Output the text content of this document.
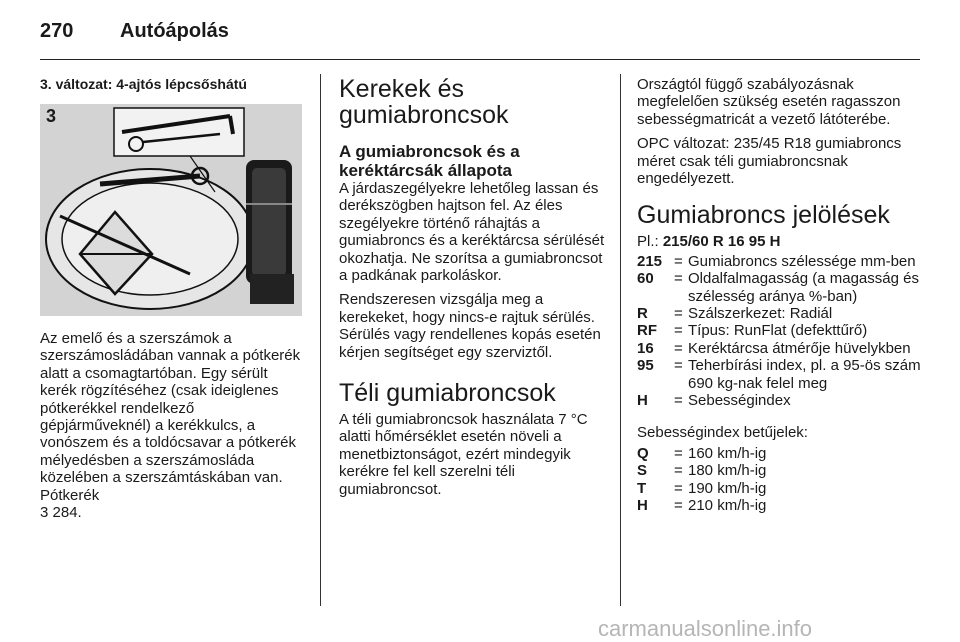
270 Autóápolás
3. változat: 4-ajtós lépcsőshátú
3

Az emelő és a szerszámok a szerszámosládában vannak a pótkerék alatt a csomagtartóban. Egy sérült kerék rögzítéséhez (csak ideiglenes pótkerékkel rendelkező gépjárműveknél) a kerékkulcs, a vonószem és a toldócsavar a pótkerék mélyedésben a szerszámosláda közelében a szerszámtáskában van. Pótkerék
3 284.

Kerekek és gumiabroncsok
A gumiabroncsok és a keréktárcsák állapota

A járdaszegélyekre lehetőleg lassan és derékszögben hajtson fel. Az éles szegélyekre történő ráhajtás a gumiabroncs és a keréktárcsa sérülését okozhatja. Ne szorítsa a gumiabroncsot a padkának parkoláskor.

Rendszeresen vizsgálja meg a kerekeket, hogy nincs-e rajtuk sérülés. Sérülés vagy rendellenes kopás esetén kérjen segítséget egy szerviztől.

Téli gumiabroncsok

A téli gumiabroncsok használata 7 °C alatti hőmérséklet esetén növeli a menetbiztonságot, ezért mindegyik kerékre fel kell szerelni téli gumiabroncsot.

Országtól függő szabályozásnak megfelelően szükség esetén ragasszon sebességmatricát a vezető látóterébe.

OPC változat: 235/45 R18 gumiabroncs méret csak téli gumiabroncsnak engedélyezett.

Gumiabroncs jelölések

Pl.: 215/60 R 16 95 H

215 = Gumiabroncs szélessége mm-ben
60	= Oldalfalmagasság (a magasság és szélesség aránya %-ban)
R	= Szálszerkezet: Radiál
RF	= Típus: RunFlat (defekttűrő)
16	= Keréktárcsa átmérője hüvelykben
95	= Teherbírási index, pl. a 95-ös szám 690 kg-nak felel meg
H	= Sebességindex

Sebességindex betűjelek:

Q	= 160 km/h-ig
S	= 180 km/h-ig
T	= 190 km/h-ig
H	= 210 km/h-ig
carmanualsonline.info
